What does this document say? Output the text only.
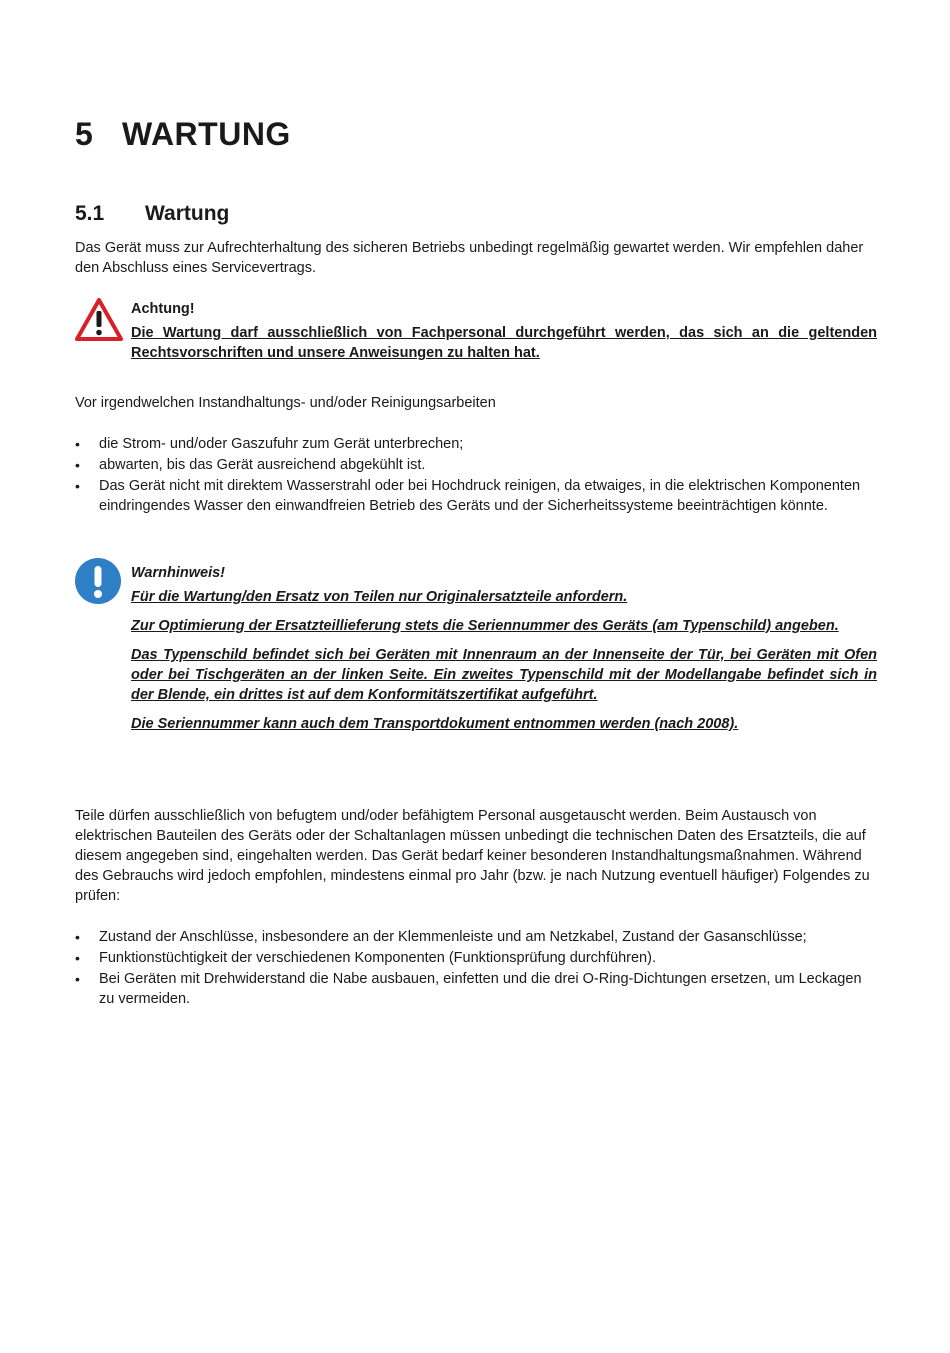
5 WARTUNG
5.1 Wartung

Das Gerät muss zur Aufrechterhaltung des sicheren Betriebs unbedingt regelmäßig gewartet werden. Wir empfehlen daher den Abschluss eines Servicevertrags.

Achtung!
Die Wartung darf ausschließlich von Fachpersonal durchgeführt werden, das sich an die geltenden Rechtsvorschriften und unsere Anweisungen zu halten hat.

Vor irgendwelchen Instandhaltungs- und/oder Reinigungsarbeiten

• die Strom- und/oder Gaszufuhr zum Gerät unterbrechen;
• abwarten, bis das Gerät ausreichend abgekühlt ist.
• Das Gerät nicht mit direktem Wasserstrahl oder bei Hochdruck reinigen, da etwaiges, in die elektrischen Komponenten eindringendes Wasser den einwandfreien Betrieb des Geräts und der Sicherheitssysteme beeinträchtigen könnte.
Warnhinweis!
Für die Wartung/den Ersatz von Teilen nur Originalersatzteile anfordern.
Zur Optimierung der Ersatzteillieferung stets die Seriennummer des Geräts (am Typenschild) angeben.
Das Typenschild befindet sich bei Geräten mit Innenraum an der Innenseite der Tür, bei Geräten mit Ofen oder bei Tischgeräten an der linken Seite. Ein zweites Typenschild mit der Modellangabe befindet sich in der Blende, ein drittes ist auf dem Konformitätszertifikat aufgeführt.
Die Seriennummer kann auch dem Transportdokument entnommen werden (nach 2008).

Teile dürfen ausschließlich von befugtem und/oder befähigtem Personal ausgetauscht werden. Beim Austausch von elektrischen Bauteilen des Geräts oder der Schaltanlagen müssen unbedingt die technischen Daten des Ersatzteils, die auf diesem angegeben sind, eingehalten werden. Das Gerät bedarf keiner besonderen Instandhaltungsmaßnahmen. Während des Gebrauchs wird jedoch empfohlen, mindestens einmal pro Jahr (bzw. je nach Nutzung eventuell häufiger) Folgendes zu prüfen:

• Zustand der Anschlüsse, insbesondere an der Klemmenleiste und am Netzkabel, Zustand der Gasanschlüsse;
• Funktionstüchtigkeit der verschiedenen Komponenten (Funktionsprüfung durchführen).
• Bei Geräten mit Drehwiderstand die Nabe ausbauen, einfetten und die drei O-Ring-Dichtungen ersetzen, um Leckagen zu vermeiden.
